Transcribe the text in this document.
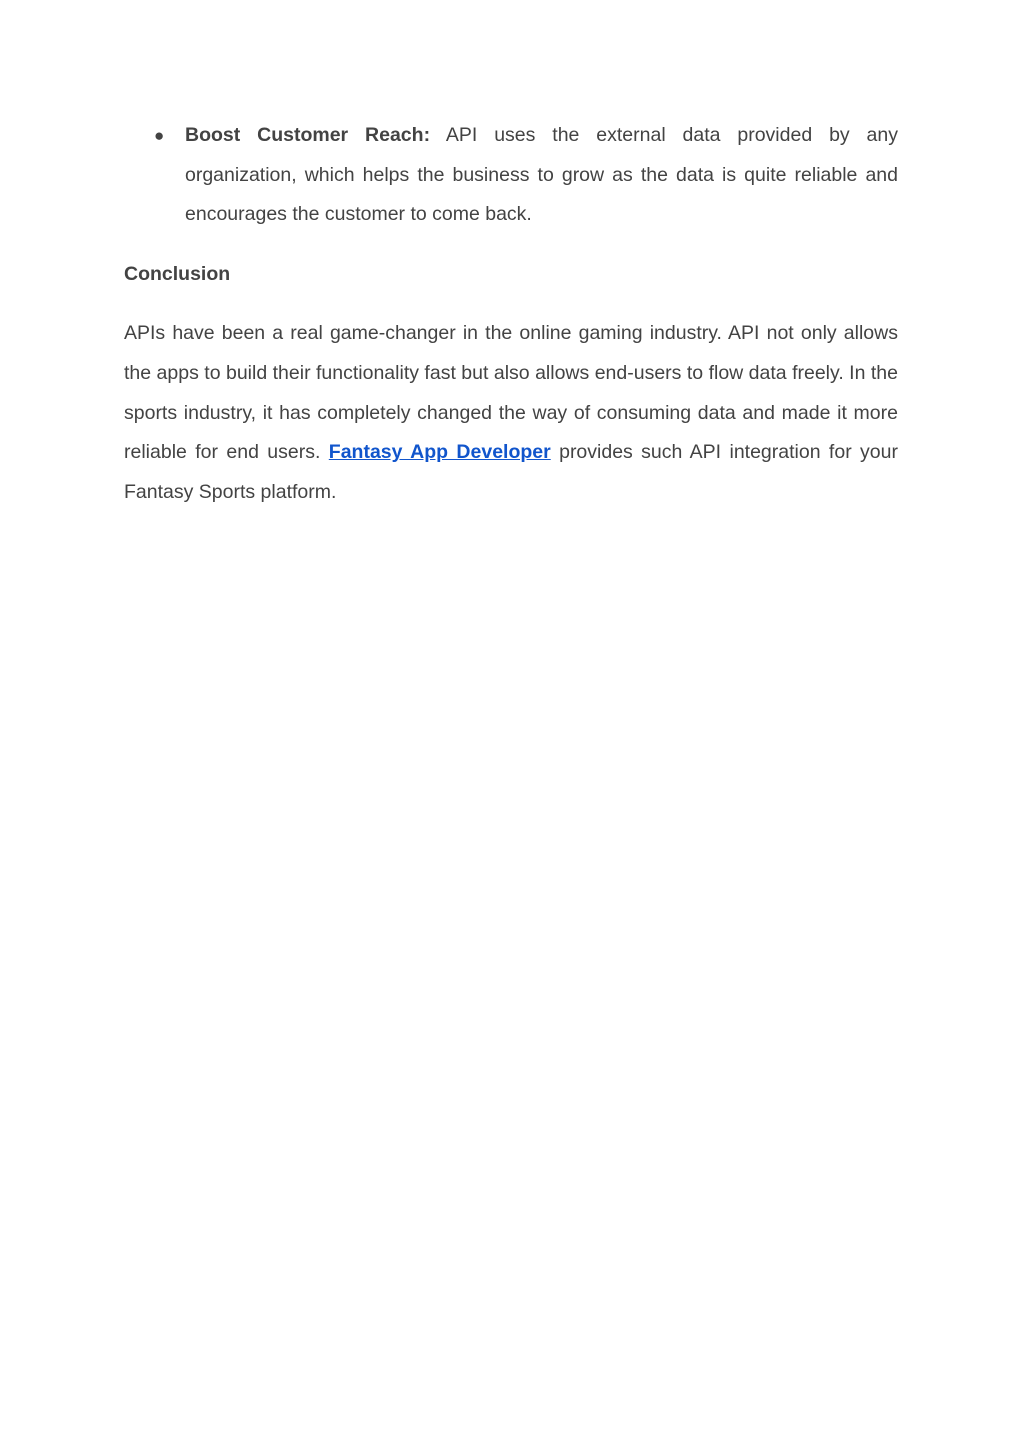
● Boost Customer Reach: API uses the external data provided by any organization, which helps the business to grow as the data is quite reliable and encourages the customer to come back.
Conclusion

APIs have been a real game-changer in the online gaming industry. API not only allows the apps to build their functionality fast but also allows end-users to flow data freely. In the sports industry, it has completely changed the way of consuming data and made it more reliable for end users. Fantasy App Developer provides such API integration for your Fantasy Sports platform.
